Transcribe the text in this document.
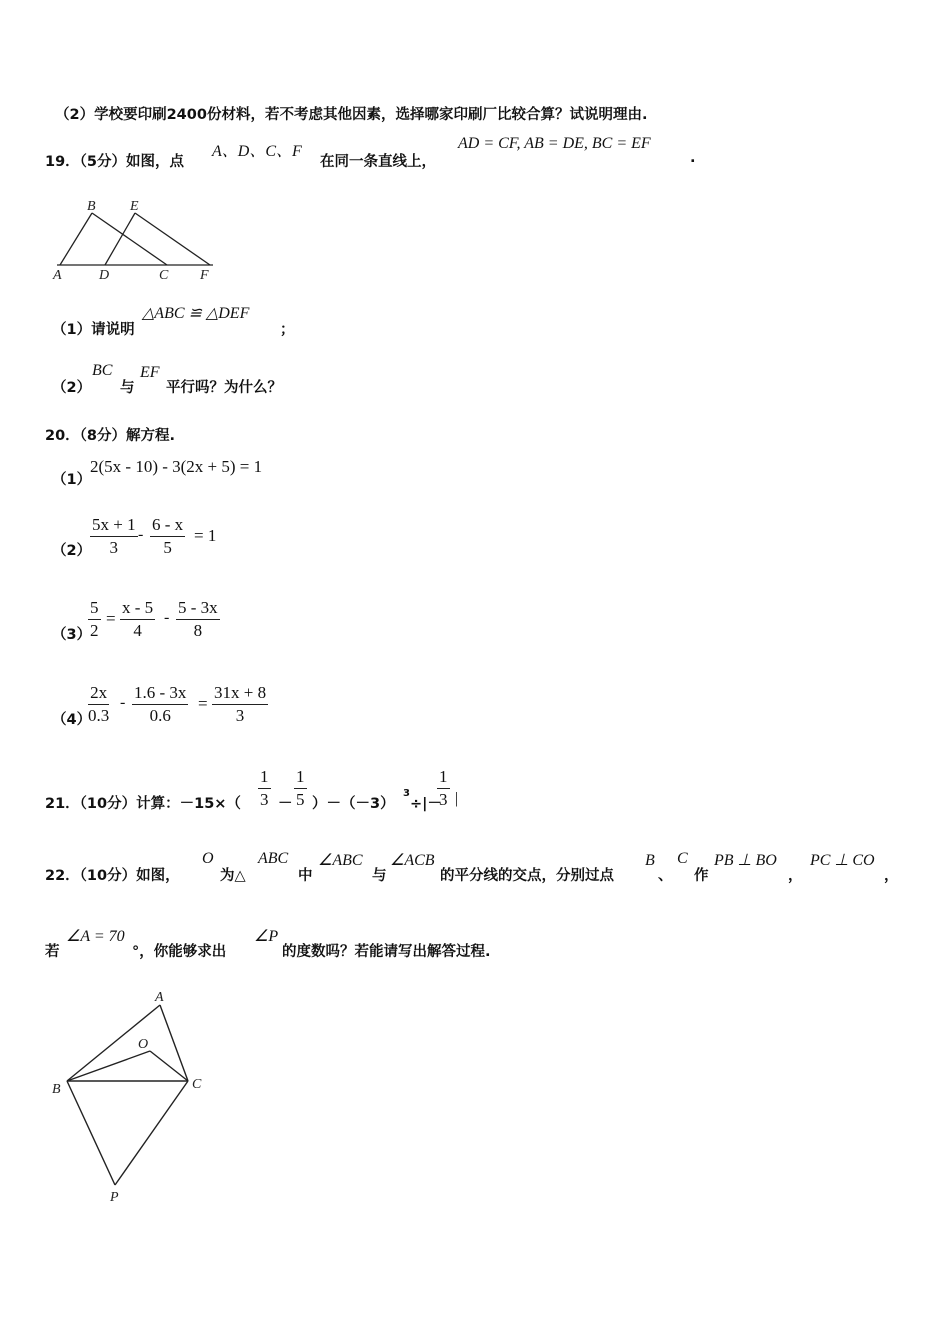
（2）学校要印刷2400份材料，若不考虑其他因素，选择哪家印刷厂比较合算？试说明理由.
19．（5分）如图，点
A、D、C、F
在同一条直线上，
AD = CF, AB = DE, BC = EF
.
B E
A	D	C F
（1）请说明
△ABC ≌ △DEF
；
（2）
BC
与
EF
平行吗？为什么？
20．（8分）解方程.
（1）
2(5x - 10) - 3(2x + 5) = 1
（2）
$\frac{5x + 1}{3} - \frac{6 - x}{5} = 1$
（3）
$\frac{5}{2} = \frac{x - 5}{4} - \frac{5 - 3x}{8}$
（4）
$\frac{2x}{0.3} - \frac{1.6 - 3x}{0.6} = \frac{31x + 8}{3}$
21．（10分）计算：$-15\times( \frac{1}{3} - \frac{1}{5} )-(-3)$
3
÷|－
$\frac{1}{3}$ |
22．（10分）如图，
O
为△
ABC
中
∠ABC
与
∠ACB
的平分线的交点，分别过点
B
、
C
作
PB ⊥ BO
，
PC ⊥ CO
，
若
∠A = 70
°，你能够求出
∠P
的度数吗？若能请写出解答过程.
A
O
B	C
P
